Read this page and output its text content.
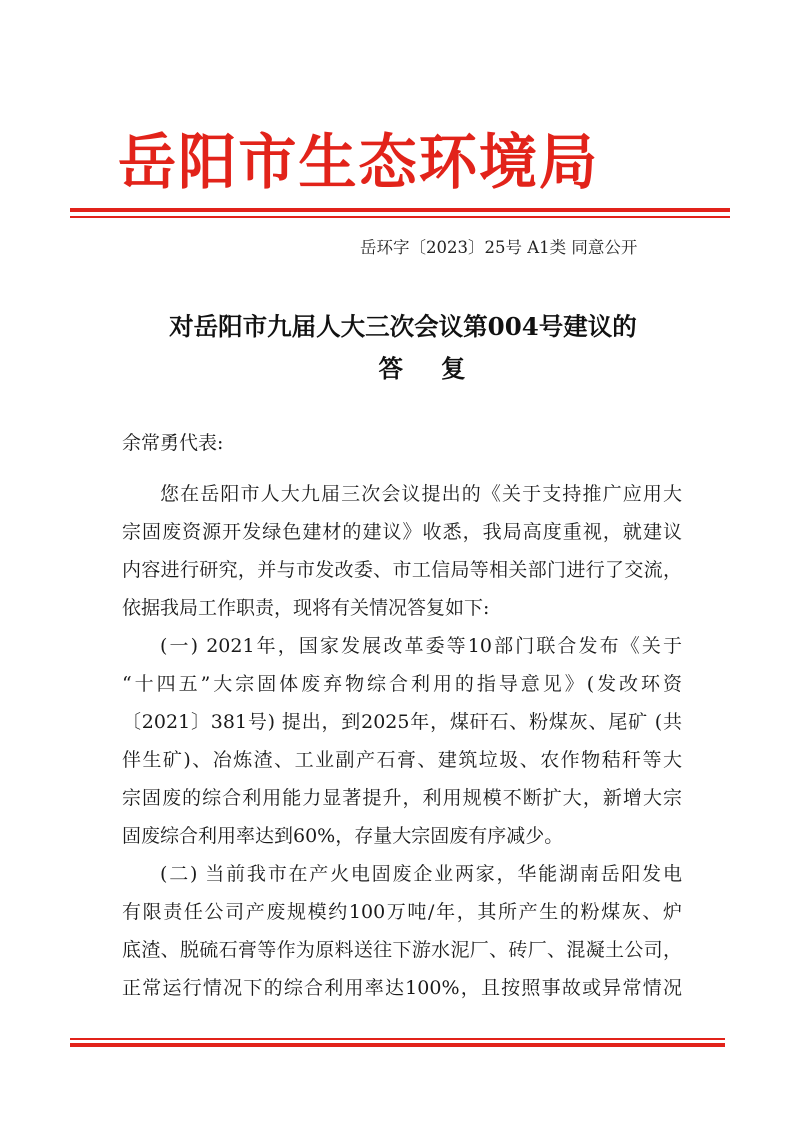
岳阳市生态环境局
岳环字〔2023〕25号 A1类 同意公开
对岳阳市九届人大三次会议第004号建议的
答复
余常勇代表:
您在岳阳市人大九届三次会议提出的《关于支持推广应用大
宗固废资源开发绿色建材的建议》收悉，我局高度重视，就建议
内容进行研究，并与市发改委、市工信局等相关部门进行了交流，
依据我局工作职责，现将有关情况答复如下:
(一) 2021年，国家发展改革委等10部门联合发布《关于
“十四五”大宗固体废弃物综合利用的指导意见》(发改环资
〔2021〕381号) 提出，到2025年，煤矸石、粉煤灰、尾矿 (共
伴生矿)、冶炼渣、工业副产石膏、建筑垃圾、农作物秸秆等大
宗固废的综合利用能力显著提升，利用规模不断扩大，新增大宗
固废综合利用率达到60%，存量大宗固废有序减少。
(二) 当前我市在产火电固废企业两家，华能湖南岳阳发电
有限责任公司产废规模约100万吨/年，其所产生的粉煤灰、炉
底渣、脱硫石膏等作为原料送往下游水泥厂、砖厂、混凝土公司，
正常运行情况下的综合利用率达100%，且按照事故或异常情况
